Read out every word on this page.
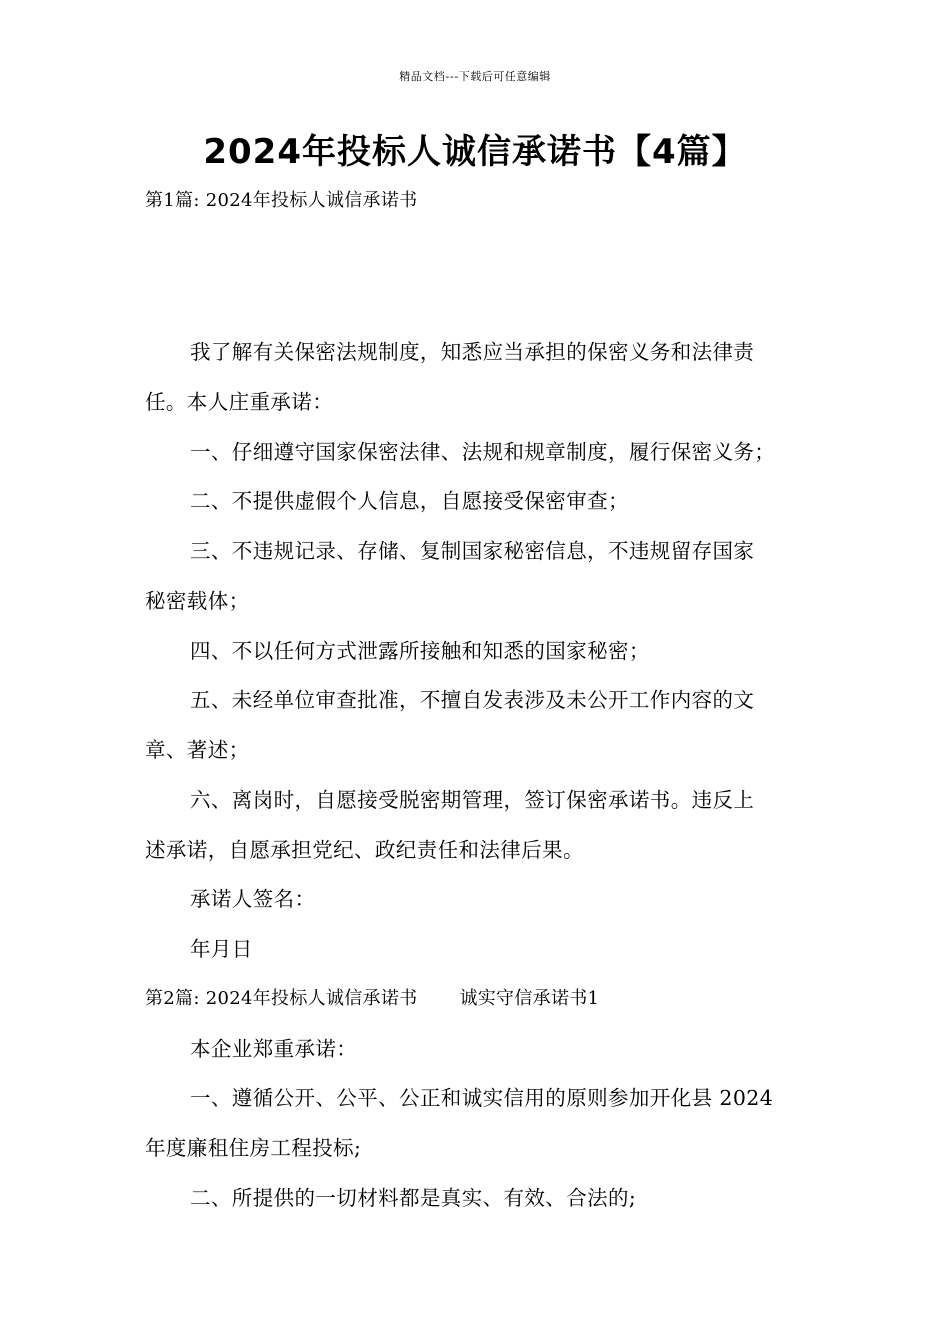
精品文档---下载后可任意编辑
2024年投标人诚信承诺书【4篇】
第1篇: 2024年投标人诚信承诺书
我了解有关保密法规制度，知悉应当承担的保密义务和法律责
任。本人庄重承诺：
一、仔细遵守国家保密法律、法规和规章制度，履行保密义务；
二、不提供虚假个人信息，自愿接受保密审查；
三、不违规记录、存储、复制国家秘密信息，不违规留存国家
秘密载体；
四、不以任何方式泄露所接触和知悉的国家秘密；
五、未经单位审查批准，不擅自发表涉及未公开工作内容的文
章、著述；
六、离岗时，自愿接受脱密期管理，签订保密承诺书。违反上
述承诺，自愿承担党纪、政纪责任和法律后果。
承诺人签名：
年月日
第2篇: 2024年投标人诚信承诺书 诚实守信承诺书1
本企业郑重承诺：
一、遵循公开、公平、公正和诚实信用的原则参加开化县 2024
年度廉租住房工程投标;
二、所提供的一切材料都是真实、有效、合法的;
